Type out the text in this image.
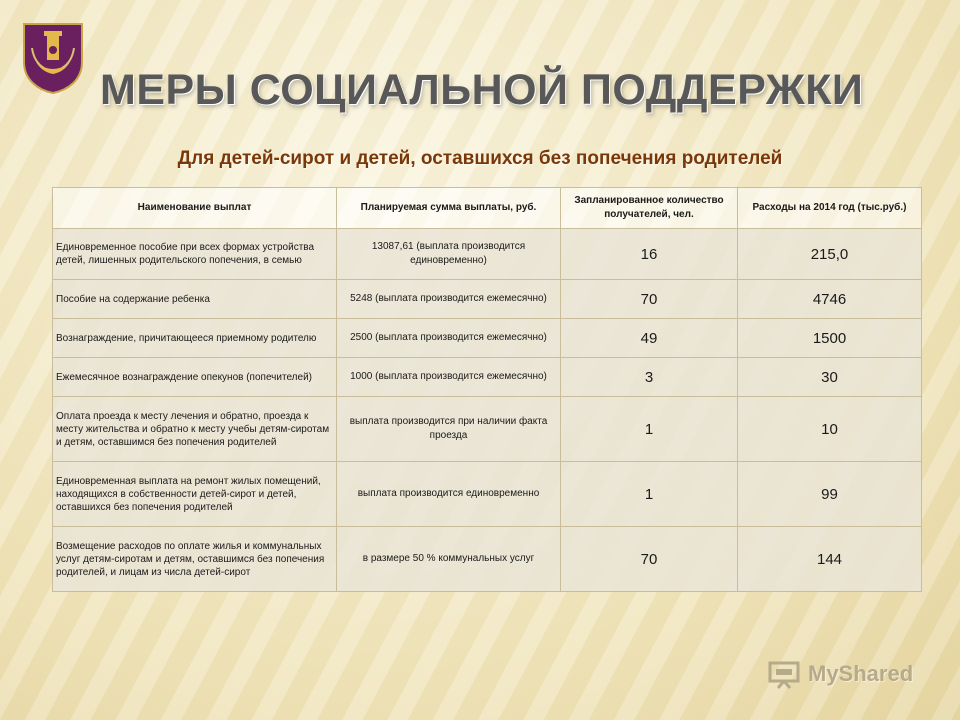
МЕРЫ СОЦИАЛЬНОЙ ПОДДЕРЖКИ
Для детей-сирот и детей, оставшихся без попечения родителей
Наименование выплат	Планируемая сумма выплаты, руб.	Запланированное количество получателей, чел.	Расходы на 2014 год (тыс.руб.)
Единовременное пособие при всех формах устройства детей, лишенных родительского попечения, в семью	13087,61 (выплата производится единовременно)	16	215,0
Пособие на содержание ребенка	5248 (выплата производится ежемесячно)	70	4746
Вознаграждение, причитающееся приемному родителю	2500 (выплата производится ежемесячно)	49	1500
Ежемесячное вознаграждение опекунов (попечителей)	1000 (выплата производится ежемесячно)	3	30
Оплата проезда к месту лечения и обратно, проезда к месту жительства и обратно к месту учебы детям-сиротам и детям, оставшимся без попечения родителей	выплата производится при наличии факта проезда	1	10
Единовременная выплата на ремонт жилых помещений, находящихся в собственности детей-сирот и детей, оставшихся без попечения родителей	выплата производится единовременно	1	99
Возмещение расходов по оплате жилья и коммунальных услуг детям-сиротам и детям, оставшимся без попечения родителей, и лицам из числа детей-сирот	в размере 50 % коммунальных услуг	70	144
MyShared
